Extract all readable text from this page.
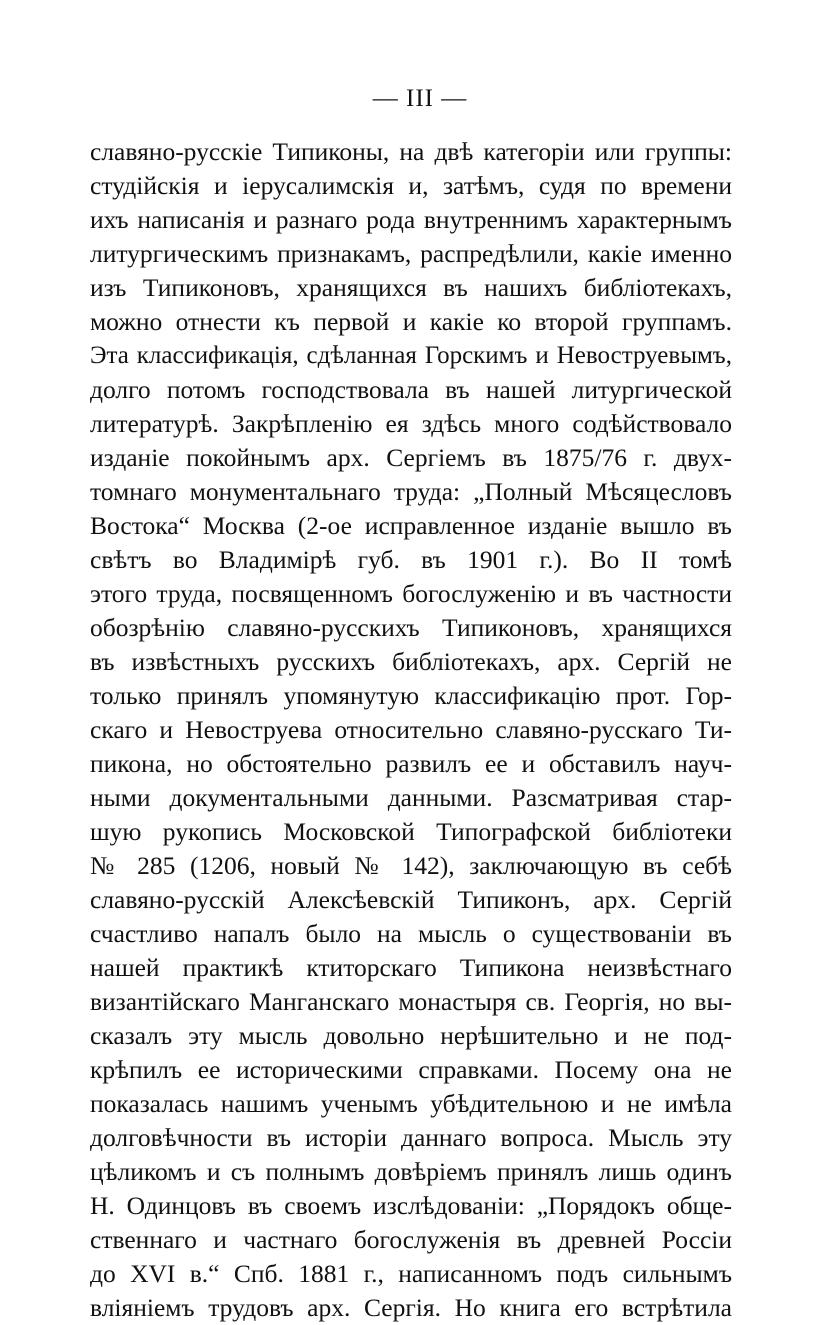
— III —
славяно-русскіе Типиконы, на двѣ категоріи или группы:
студійскія и іерусалимскія и, затѣмъ, судя по времени
ихъ написанія и разнаго рода внутреннимъ характернымъ
литургическимъ признакамъ, распредѣлили, какіе именно
изъ Типиконовъ, хранящихся въ нашихъ библіотекахъ,
можно отнести къ первой и какіе ко второй группамъ.
Эта классификація, сдѣланная Горскимъ и Невоструевымъ,
долго потомъ господствовала въ нашей литургической
литературѣ. Закрѣпленію ея здѣсь много содѣйствовало
изданіе покойнымъ арх. Сергіемъ въ 1875/76 г. двух-
томнаго монументальнаго труда: „Полный Мѣсяцесловъ
Востока“ Москва (2-ое исправленное изданіе вышло въ
свѣтъ во Владимірѣ губ. въ 1901 г.). Во II томѣ
этого труда, посвященномъ богослуженію и въ частности
обозрѣнію славяно-русскихъ Типиконовъ, хранящихся
въ извѣстныхъ русскихъ библіотекахъ, арх. Сергій не
только принялъ упомянутую классификацію прот. Гор-
скаго и Невоструева относительно славяно-русскаго Ти-
пикона, но обстоятельно развилъ ее и обставилъ науч-
ными документальными данными. Разсматривая стар-
шую рукопись Московской Типографской библіотеки
№ 285 (1206, новый № 142), заключающую въ себѣ
славяно-русскій Алексѣевскій Типиконъ, арх. Сергій
счастливо напалъ было на мысль о существованіи въ
нашей практикѣ ктиторскаго Типикона неизвѣстнаго
византійскаго Манганскаго монастыря св. Георгія, но вы-
сказалъ эту мысль довольно нерѣшительно и не под-
крѣпилъ ее историческими справками. Посему она не
показалась нашимъ ученымъ убѣдительною и не имѣла
долговѣчности въ исторіи даннаго вопроса. Мысль эту
цѣликомъ и съ полнымъ довѣріемъ принялъ лишь одинъ
Н. Одинцовъ въ своемъ изслѣдованіи: „Порядокъ обще-
ственнаго и частнаго богослуженія въ древней Россіи
до XVI в.“ Спб. 1881 г., написанномъ подъ сильнымъ
вліяніемъ трудовъ арх. Сергія. Но книга его встрѣтила
